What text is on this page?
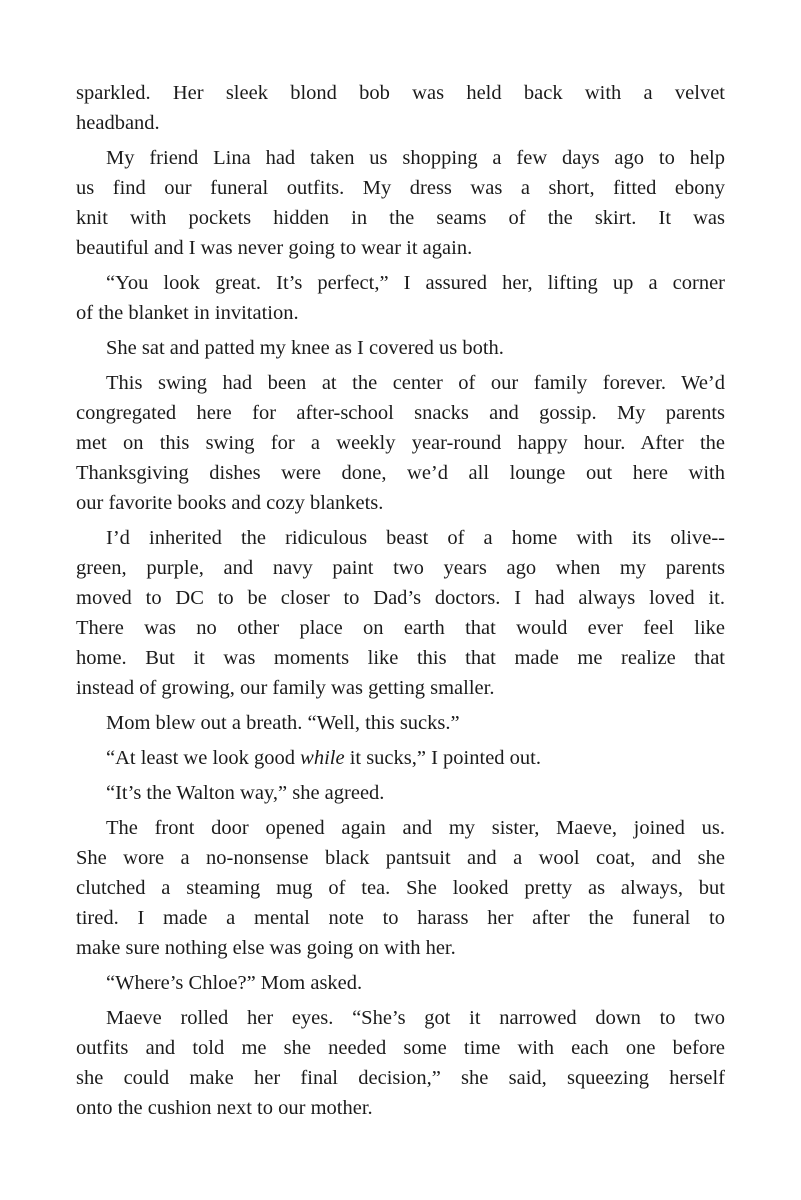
sparkled. Her sleek blond bob was held back with a velvet
headband.
My friend Lina had taken us shopping a few days ago to help
us find our funeral outfits. My dress was a short, fitted ebony
knit with pockets hidden in the seams of the skirt. It was
beautiful and I was never going to wear it again.
“You look great. It’s perfect,” I assured her, lifting up a corner
of the blanket in invitation.
She sat and patted my knee as I covered us both.
This swing had been at the center of our family forever. We’d
congregated here for after-school snacks and gossip. My parents
met on this swing for a weekly year-round happy hour. After the
Thanksgiving dishes were done, we’d all lounge out here with
our favorite books and cozy blankets.
I’d inherited the ridiculous beast of a home with its olive--
green, purple, and navy paint two years ago when my parents
moved to DC to be closer to Dad’s doctors. I had always loved it.
There was no other place on earth that would ever feel like
home. But it was moments like this that made me realize that
instead of growing, our family was getting smaller.
Mom blew out a breath. “Well, this sucks.”
“At least we look good while it sucks,” I pointed out.
“It’s the Walton way,” she agreed.
The front door opened again and my sister, Maeve, joined us.
She wore a no-nonsense black pantsuit and a wool coat, and she
clutched a steaming mug of tea. She looked pretty as always, but
tired. I made a mental note to harass her after the funeral to
make sure nothing else was going on with her.
“Where’s Chloe?” Mom asked.
Maeve rolled her eyes. “She’s got it narrowed down to two
outfits and told me she needed some time with each one before
she could make her final decision,” she said, squeezing herself
onto the cushion next to our mother.
